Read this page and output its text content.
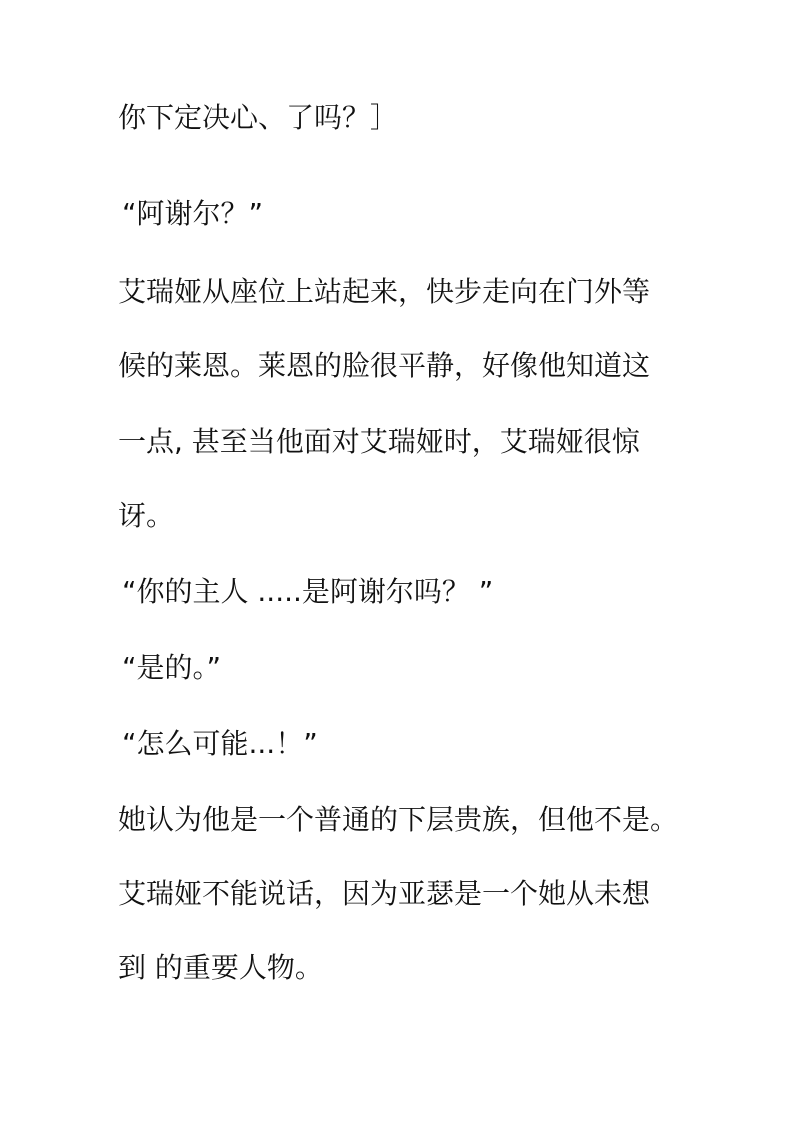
你下定决心、了吗？］
“阿谢尔？”
艾瑞娅从座位上站起来，快步走向在门外等
候的莱恩。莱恩的脸很平静，好像他知道这
一点, 甚至当他面对艾瑞娅时，艾瑞娅很惊
讶。
“你的主人 .....是阿谢尔吗？ ”
“是的。”
“怎么可能...！”
她认为他是一个普通的下层贵族，但他不是。
艾瑞娅不能说话，因为亚瑟是一个她从未想
到 的重要人物。
